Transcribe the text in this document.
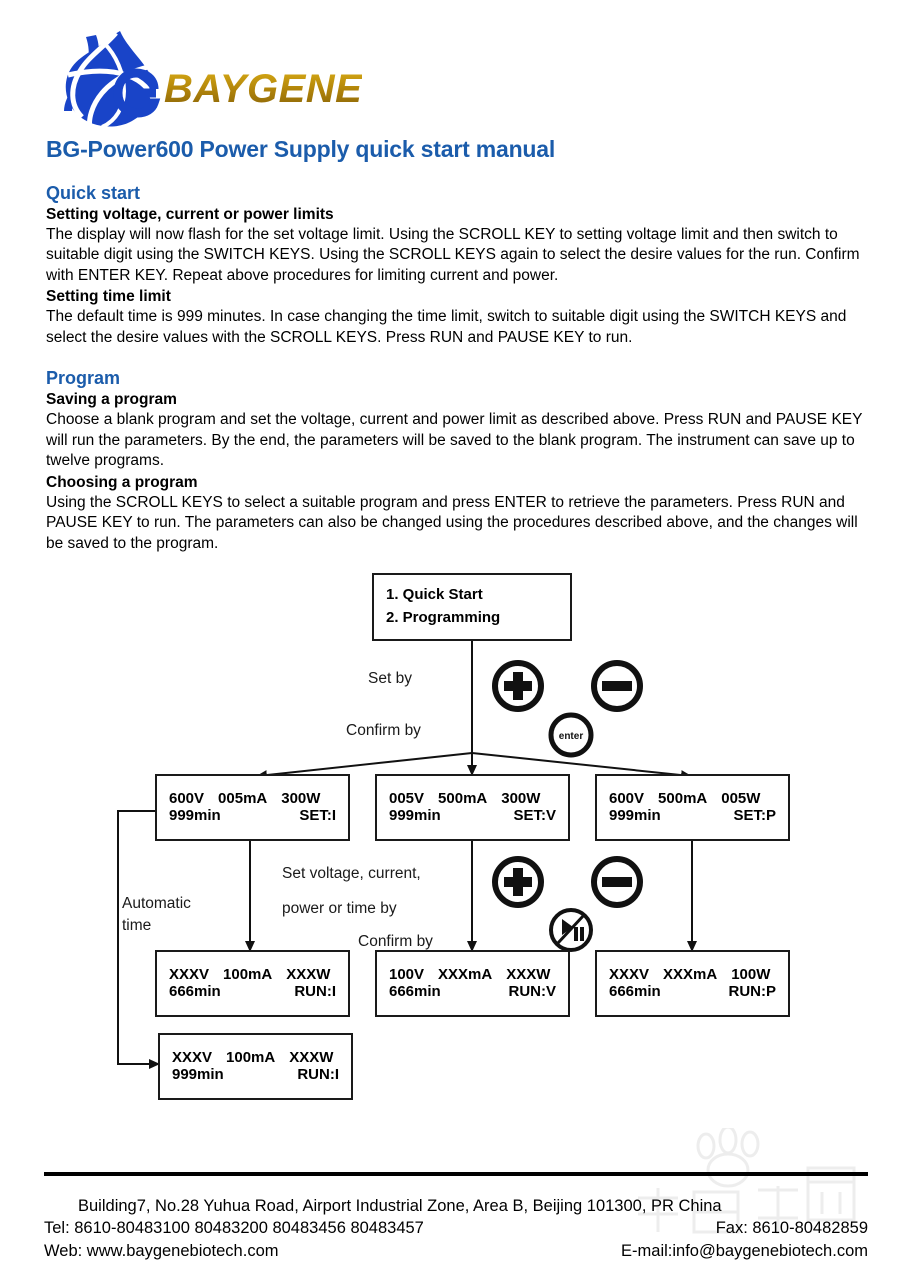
BAYGENE
BG-Power600 Power Supply quick start manual
Quick start
Setting voltage, current or power limits
The display will now flash for the set voltage limit. Using the SCROLL KEY to setting voltage limit and then switch to suitable digit using the SWITCH KEYS. Using the SCROLL KEYS again to select the desire values for the run. Confirm with ENTER KEY. Repeat above procedures for limiting current and power.
Setting time limit
The default time is 999 minutes. In case changing the time limit, switch to suitable digit using the SWITCH KEYS and select the desire values with the SCROLL KEYS. Press RUN and PAUSE KEY to run.
Program
Saving a program
Choose a blank program and set the voltage, current and power limit as described above. Press RUN and PAUSE KEY will run the parameters. By the end, the parameters will be saved to the blank program. The instrument can save up to twelve programs.
Choosing a program
Using the SCROLL KEYS to select a suitable program and press ENTER to retrieve the parameters. Press RUN and PAUSE KEY to run. The parameters can also be changed using the procedures described above, and the changes will be saved to the program.
1. Quick Start
2. Programming
Set by
Confirm by	enter
600V 005mA 300W
999min	SET:I
005V 500mA 300W
999min	SET:V
600V 500mA 005W
999min	SET:P
Automatic
time
Set voltage, current,
power or time by
Confirm by
XXXV 100mA XXXW
666min	RUN:I
100V XXXmA XXXW
666min	RUN:V
XXXV XXXmA 100W
666min	RUN:P
XXXV 100mA XXXW
999min	RUN:I
Building7, No.28 Yuhua Road, Airport Industrial Zone, Area B, Beijing 101300, PR China
Tel: 8610-80483100 80483200 80483456 80483457	Fax: 8610-80482859
Web: www.baygenebiotech.com	E-mail:info@baygenebiotech.com
